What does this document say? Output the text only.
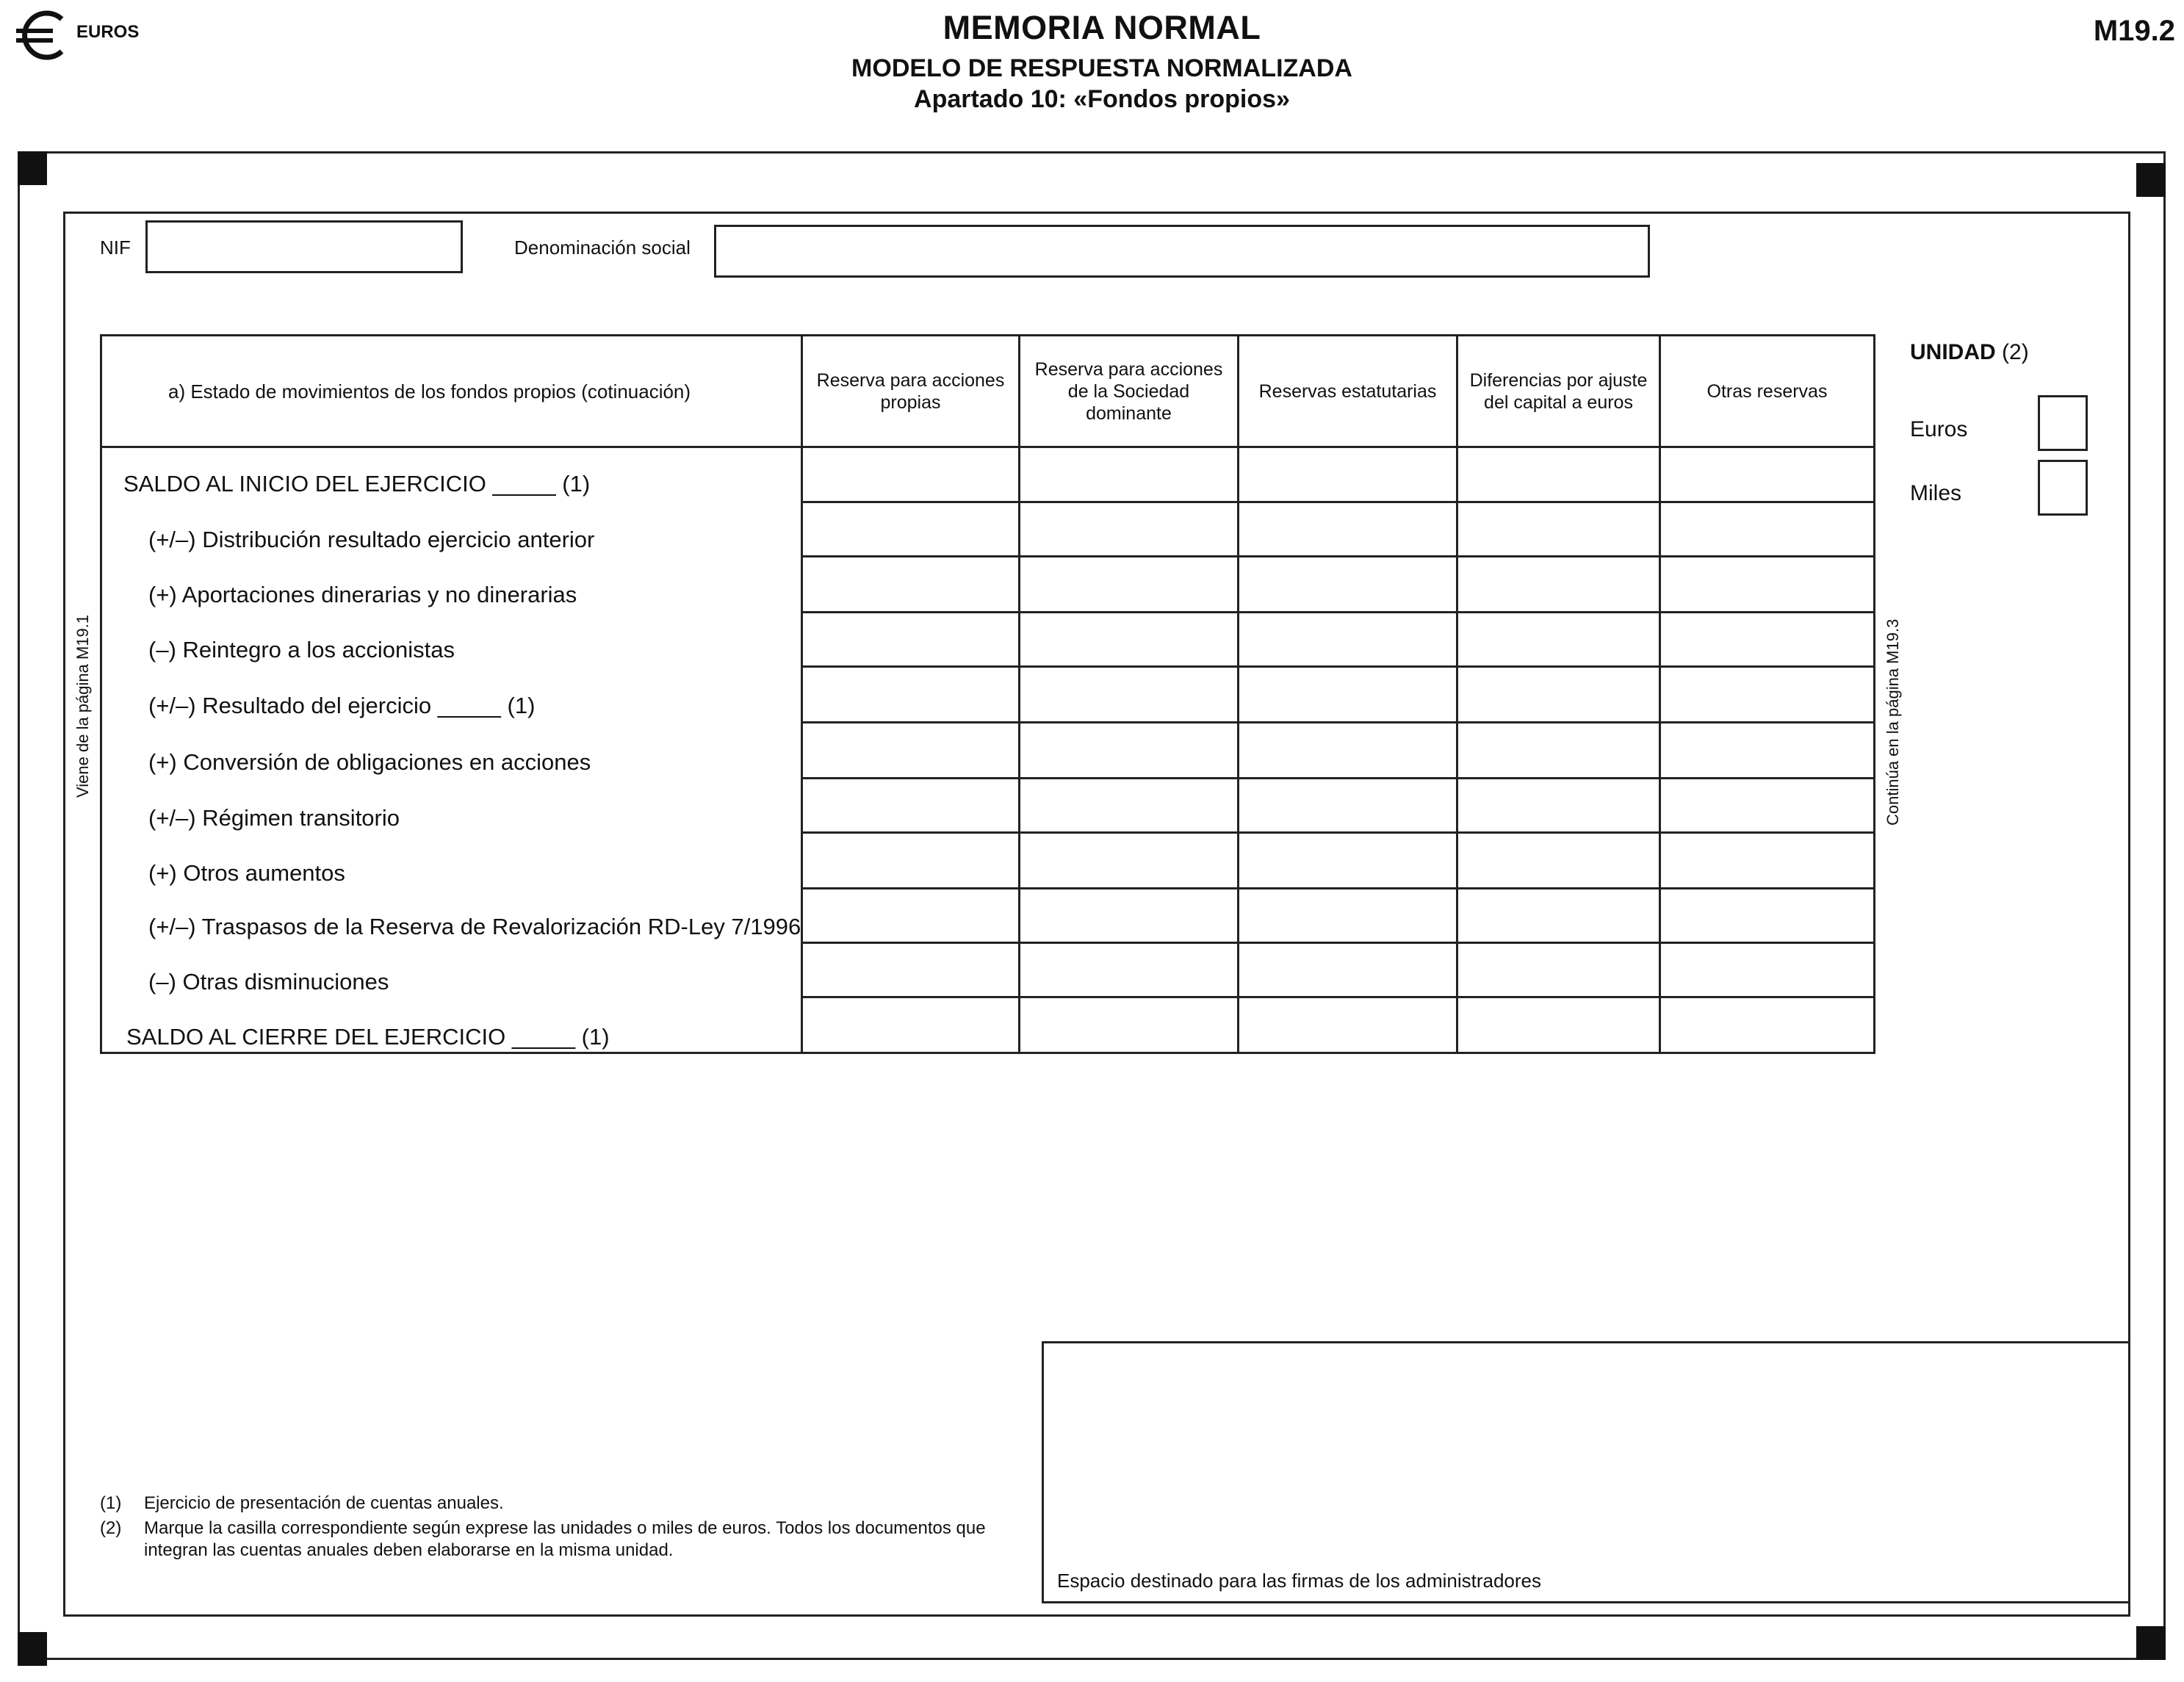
EUROS	MEMORIA NORMAL
MODELO DE RESPUESTA NORMALIZADA
Apartado 10: «Fondos propios»
M19.2
NIF	Denominación social
a) Estado de movimientos de los fondos propios (cotinuación)	Reserva para acciones propias	Reserva para acciones de la Sociedad dominante	Reservas estatutarias	Diferencias por ajuste del capital a euros	Otras reservas

SALDO AL INICIO DEL EJERCICIO _____ (1)
(+/–) Distribución resultado ejercicio anterior
(+) Aportaciones dinerarias y no dinerarias
(–) Reintegro a los accionistas
(+/–) Resultado del ejercicio _____ (1)
(+) Conversión de obligaciones en acciones
(+/–) Régimen transitorio
(+) Otros aumentos
(+/–) Traspasos de la Reserva de Revalorización RD-Ley 7/1996
(–) Otras disminuciones
SALDO AL CIERRE DEL EJERCICIO _____ (1)
Viene de la página M19.1	Continúa en la página M19.3
UNIDAD (2)
Euros
Miles
(1) Ejercicio de presentación de cuentas anuales.
(2)	Marque la casilla correspondiente según exprese las unidades o miles de euros. Todos los documentos que integran las cuentas anuales deben elaborarse en la misma unidad.
Espacio destinado para las firmas de los administradores
